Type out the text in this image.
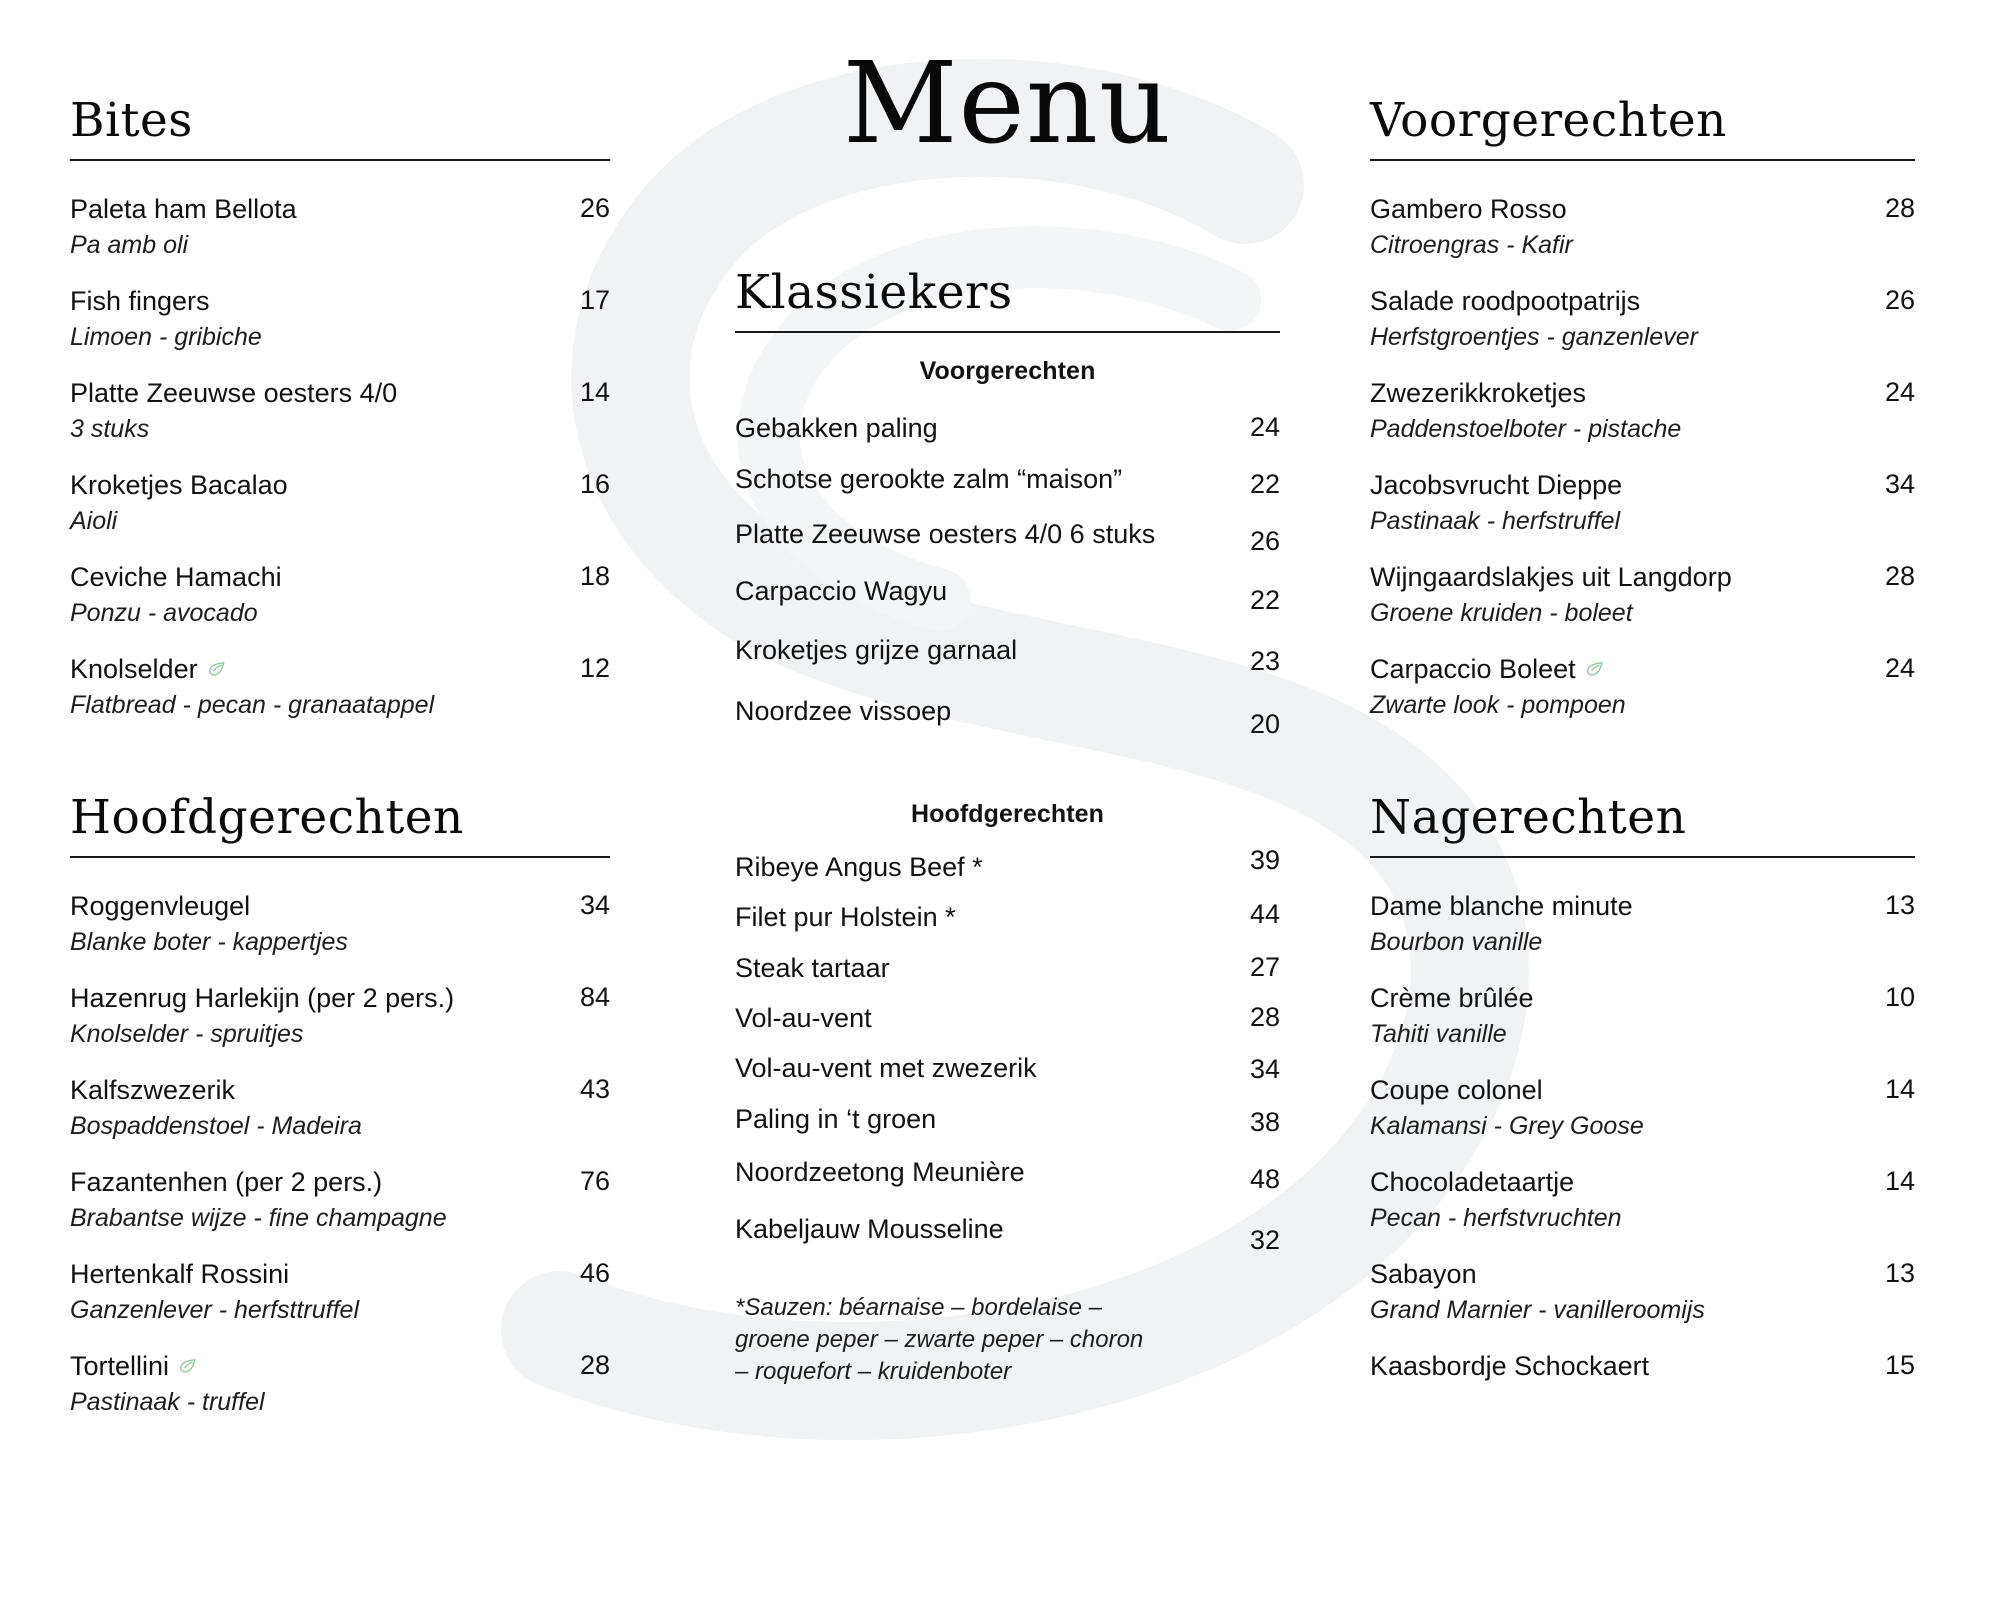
Bites
Paleta ham Bellota
Pa amb oli
26
Fish fingers
Limoen - gribiche
17
Platte Zeeuwse oesters 4/0
3 stuks
14
Kroketjes Bacalao
Aioli
16
Ceviche Hamachi
Ponzu - avocado
18
Knolselder
Flatbread - pecan - granaatappel
12
Hoofdgerechten
Roggenvleugel
Blanke boter - kappertjes
34
Hazenrug Harlekijn (per 2 pers.)
Knolselder - spruitjes
84
Kalfszwezerik
Bospaddenstoel - Madeira
43
Fazantenhen (per 2 pers.)
Brabantse wijze - fine champagne
76
Hertenkalf Rossini
Ganzenlever - herfsttruffel
46
Tortellini
Pastinaak - truffel
28
Menu
Klassiekers
Voorgerechten
Gebakken paling	24
Schotse gerookte zalm “maison”	22
Platte Zeeuwse oesters 4/0 6 stuks	26
Carpaccio Wagyu	22
Kroketjes grijze garnaal	23
Noordzee vissoep	20
Hoofdgerechten
Ribeye Angus Beef *	39
Filet pur Holstein *	44
Steak tartaar	27
Vol-au-vent	28
Vol-au-vent met zwezerik	34
Paling in ‘t groen	38
Noordzeetong Meunière	48
Kabeljauw Mousseline	32
*Sauzen: béarnaise – bordelaise –
groene peper – zwarte peper – choron
– roquefort – kruidenboter
Voorgerechten
Gambero Rosso
Citroengras - Kafir
28
Salade roodpootpatrijs
Herfstgroentjes - ganzenlever
26
Zwezerikkroketjes
Paddenstoelboter - pistache
24
Jacobsvrucht Dieppe
Pastinaak - herfstruffel
34
Wijngaardslakjes uit Langdorp
Groene kruiden - boleet
28
Carpaccio Boleet
Zwarte look - pompoen
24
Nagerechten
Dame blanche minute
Bourbon vanille
13
Crème brûlée
Tahiti vanille
10
Coupe colonel
Kalamansi - Grey Goose
14
Chocoladetaartje
Pecan - herfstvruchten
14
Sabayon
Grand Marnier - vanilleroomijs
13
Kaasbordje Schockaert	15
